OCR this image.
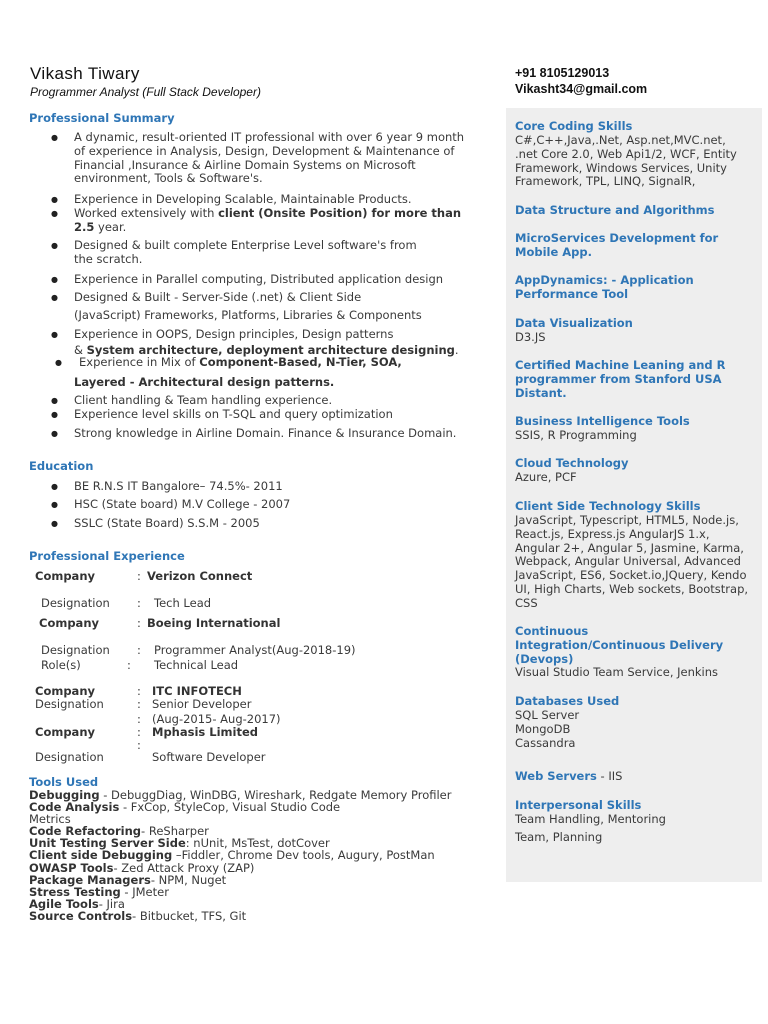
Vikash Tiwary
Programmer Analyst (Full Stack Developer)
+91 8105129013
Vikasht34@gmail.com
Professional Summary
● A dynamic, result-oriented IT professional with over 6 year 9 month of experience in Analysis, Design, Development & Maintenance of Financial ,Insurance & Airline Domain Systems on Microsoft environment, Tools & Software's.
● Experience in Developing Scalable, Maintainable Products.
● Worked extensively with client (Onsite Position) for more than 2.5 year.
● Designed & built complete Enterprise Level software's from the scratch.
● Experience in Parallel computing, Distributed application design
● Designed & Built - Server-Side (.net) & Client Side
(JavaScript) Frameworks, Platforms, Libraries & Components
● Experience in OOPS, Design principles, Design patterns
& System architecture, deployment architecture designing.
● Experience in Mix of Component-Based, N-Tier, SOA,
Layered - Architectural design patterns.
● Client handling & Team handling experience.
● Experience level skills on T-SQL and query optimization
● Strong knowledge in Airline Domain. Finance & Insurance Domain.
Education
● BE R.N.S IT Bangalore– 74.5%- 2011
● HSC (State board) M.V College - 2007
● SSLC (State Board) S.S.M - 2005
Professional Experience
Company	: Verizon Connect
Designation : Tech Lead
Company	: Boeing International
Designation : Programmer Analyst(Aug-2018-19)
Role(s)	: Technical Lead
Company	: ITC INFOTECH
Designation	: Senior Developer
: (Aug-2015- Aug-2017)
Company	: Mphasis Limited
:
Designation	Software Developer
Tools Used
Debugging - DebuggDiag, WinDBG, Wireshark, Redgate Memory Profiler
Code Analysis - FxCop, StyleCop, Visual Studio Code
Metrics
Code Refactoring- ReSharper
Unit Testing Server Side: nUnit, MsTest, dotCover
Client side Debugging –Fiddler, Chrome Dev tools, Augury, PostMan
OWASP Tools- Zed Attack Proxy (ZAP)
Package Managers- NPM, Nuget
Stress Testing - JMeter
Agile Tools- Jira
Source Controls- Bitbucket, TFS, Git
Core Coding Skills
C#,C++,Java,.Net, Asp.net,MVC.net, .net Core 2.0, Web Api1/2, WCF, Entity Framework, Windows Services, Unity Framework, TPL, LINQ, SignalR,
Data Structure and Algorithms
MicroServices Development for Mobile App.
AppDynamics: - Application Performance Tool
Data Visualization
D3.JS
Certified Machine Leaning and R programmer from Stanford USA Distant.
Business Intelligence Tools
SSIS, R Programming
Cloud Technology
Azure, PCF
Client Side Technology Skills
JavaScript, Typescript, HTML5, Node.js, React.js, Express.js AngularJS 1.x, Angular 2+, Angular 5, Jasmine, Karma, Webpack, Angular Universal, Advanced JavaScript, ES6, Socket.io,JQuery, Kendo UI, High Charts, Web sockets, Bootstrap, CSS
Continuous Integration/Continuous Delivery (Devops)
Visual Studio Team Service, Jenkins
Databases Used
SQL Server
MongoDB
Cassandra
Web Servers - IIS
Interpersonal Skills
Team Handling, Mentoring
Team, Planning
